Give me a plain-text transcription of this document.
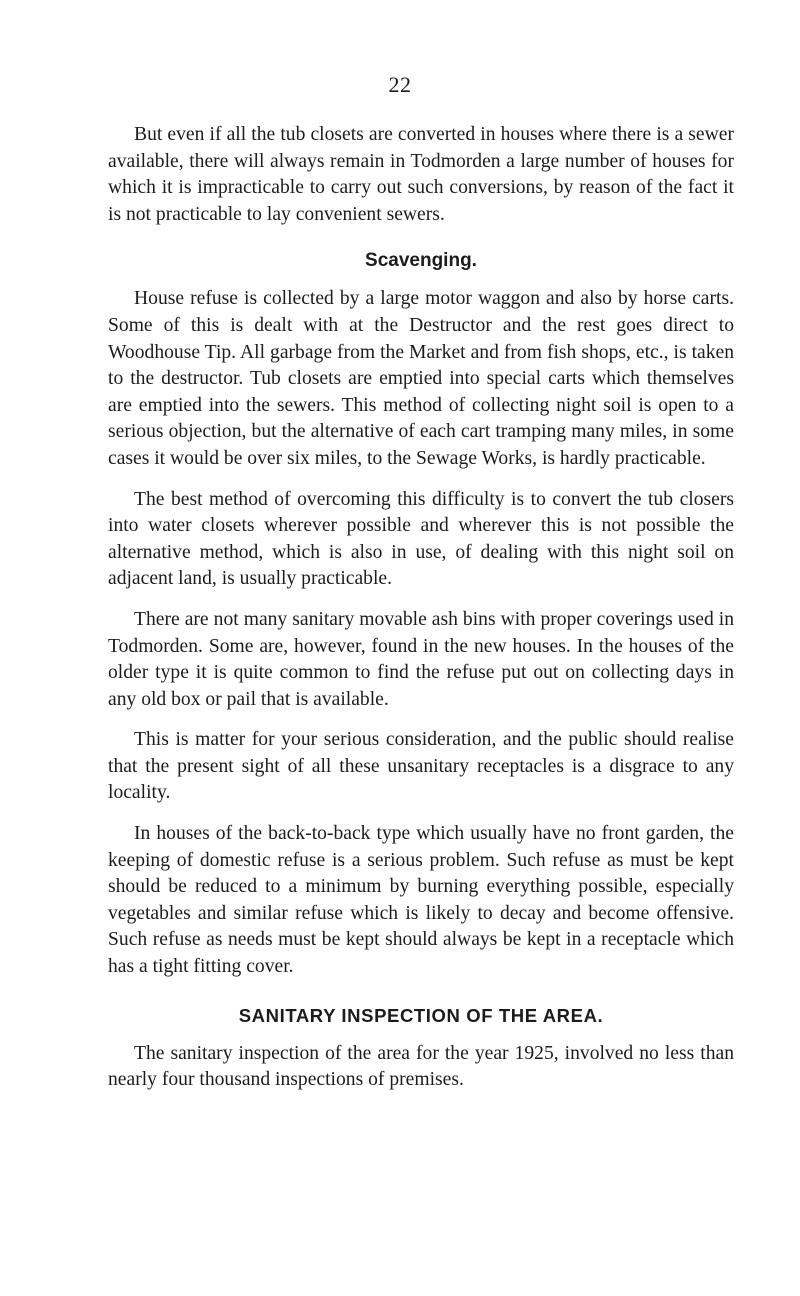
22

But even if all the tub closets are converted in houses where there is a sewer available, there will always remain in Todmorden a large number of houses for which it is impracticable to carry out such conversions, by reason of the fact it is not practicable to lay convenient sewers.

Scavenging.

House refuse is collected by a large motor waggon and also by horse carts. Some of this is dealt with at the Destructor and the rest goes direct to Woodhouse Tip. All garbage from the Market and from fish shops, etc., is taken to the destructor. Tub closets are emptied into special carts which themselves are emptied into the sewers. This method of collecting night soil is open to a serious objection, but the alternative of each cart tramping many miles, in some cases it would be over six miles, to the Sewage Works, is hardly practicable.

The best method of overcoming this difficulty is to convert the tub closers into water closets wherever possible and wherever this is not possible the alternative method, which is also in use, of dealing with this night soil on adjacent land, is usually practicable.

There are not many sanitary movable ash bins with proper coverings used in Todmorden. Some are, however, found in the new houses. In the houses of the older type it is quite common to find the refuse put out on collecting days in any old box or pail that is available.

This is matter for your serious consideration, and the public should realise that the present sight of all these unsanitary receptacles is a disgrace to any locality.

In houses of the back-to-back type which usually have no front garden, the keeping of domestic refuse is a serious problem. Such refuse as must be kept should be reduced to a minimum by burning everything possible, especially vegetables and similar refuse which is likely to decay and become offensive. Such refuse as needs must be kept should always be kept in a receptacle which has a tight fitting cover.

SANITARY INSPECTION OF THE AREA.

The sanitary inspection of the area for the year 1925, involved no less than nearly four thousand inspections of premises.
